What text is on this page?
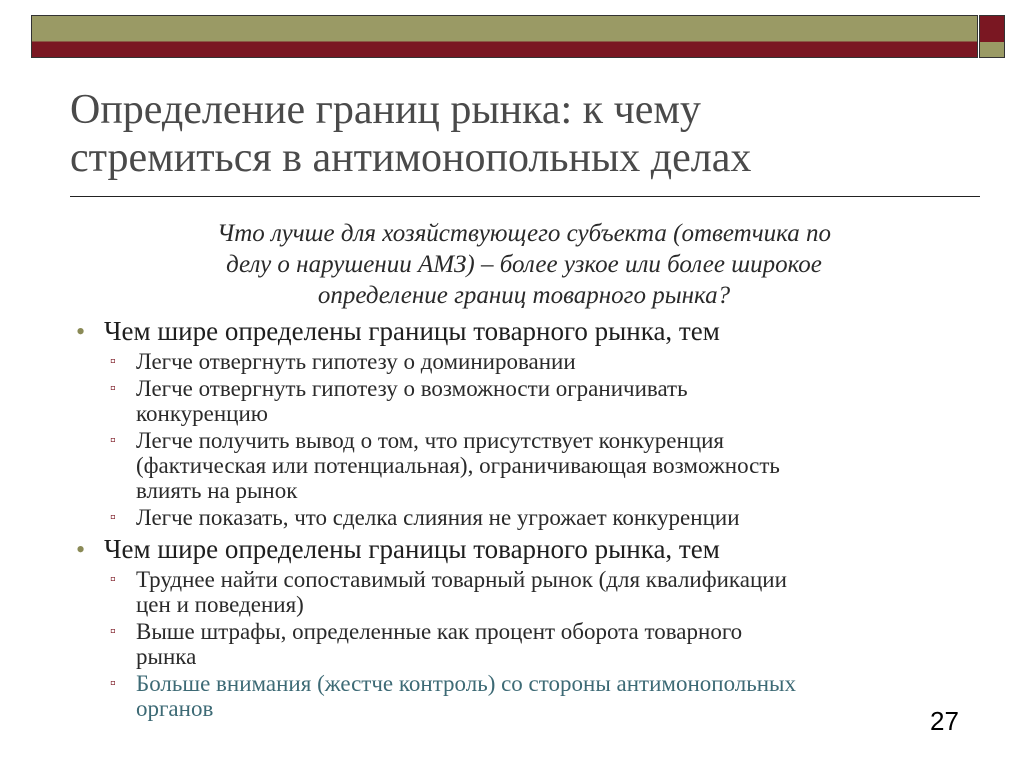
Определение границ рынка: к чему
стремиться в антимонопольных делах
Что лучше для хозяйствующего субъекта (ответчика по
делу о нарушении АМЗ) – более узкое или более широкое
определение границ товарного рынка?
• Чем шире определены границы товарного рынка, тем
▫ Легче отвергнуть гипотезу о доминировании
▫ Легче отвергнуть гипотезу о возможности ограничивать
конкуренцию
▫ Легче получить вывод о том, что присутствует конкуренция
(фактическая или потенциальная), ограничивающая возможность
влиять на рынок
▫ Легче показать, что сделка слияния не угрожает конкуренции
• Чем шире определены границы товарного рынка, тем
▫ Труднее найти сопоставимый товарный рынок (для квалификации
цен и поведения)
▫ Выше штрафы, определенные как процент оборота товарного
рынка
▫ Больше внимания (жестче контроль) со стороны антимонопольных
органов	27
